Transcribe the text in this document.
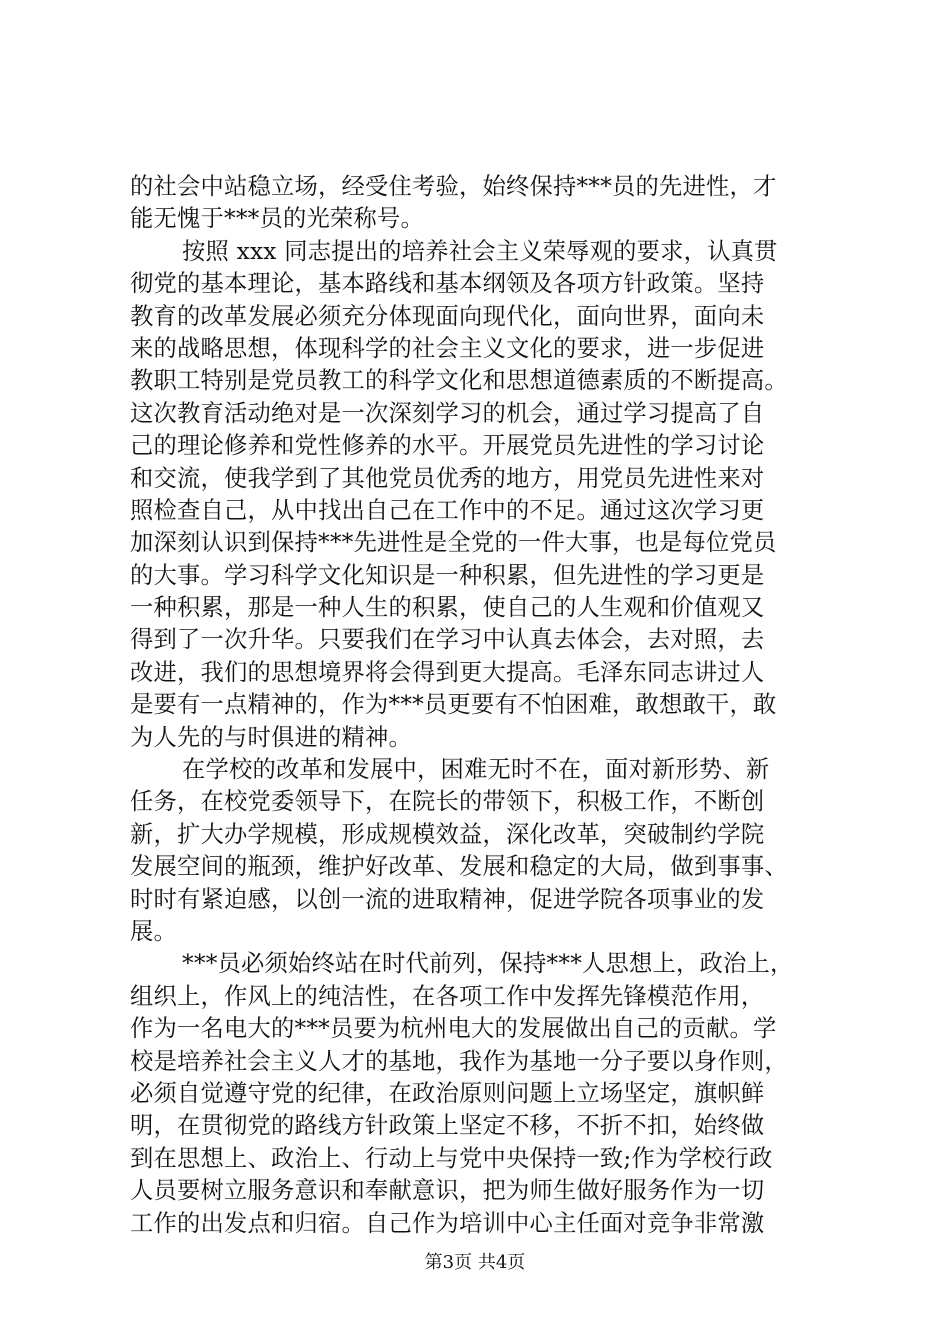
的社会中站稳立场，经受住考验，始终保持***员的先进性，才
能无愧于***员的光荣称号。
按照 xxx 同志提出的培养社会主义荣辱观的要求，认真贯
彻党的基本理论，基本路线和基本纲领及各项方针政策。坚持
教育的改革发展必须充分体现面向现代化，面向世界，面向未
来的战略思想，体现科学的社会主义文化的要求，进一步促进
教职工特别是党员教工的科学文化和思想道德素质的不断提高。
这次教育活动绝对是一次深刻学习的机会，通过学习提高了自
己的理论修养和党性修养的水平。开展党员先进性的学习讨论
和交流，使我学到了其他党员优秀的地方，用党员先进性来对
照检查自己，从中找出自己在工作中的不足。通过这次学习更
加深刻认识到保持***先进性是全党的一件大事，也是每位党员
的大事。学习科学文化知识是一种积累，但先进性的学习更是
一种积累，那是一种人生的积累，使自己的人生观和价值观又
得到了一次升华。只要我们在学习中认真去体会，去对照，去
改进，我们的思想境界将会得到更大提高。毛泽东同志讲过人
是要有一点精神的，作为***员更要有不怕困难，敢想敢干，敢
为人先的与时俱进的精神。
在学校的改革和发展中，困难无时不在，面对新形势、新
任务，在校党委领导下，在院长的带领下，积极工作，不断创
新，扩大办学规模，形成规模效益，深化改革，突破制约学院
发展空间的瓶颈，维护好改革、发展和稳定的大局，做到事事、
时时有紧迫感，以创一流的进取精神，促进学院各项事业的发
展。
***员必须始终站在时代前列，保持***人思想上，政治上，
组织上，作风上的纯洁性，在各项工作中发挥先锋模范作用，
作为一名电大的***员要为杭州电大的发展做出自己的贡献。学
校是培养社会主义人才的基地，我作为基地一分子要以身作则，
必须自觉遵守党的纪律，在政治原则问题上立场坚定，旗帜鲜
明，在贯彻党的路线方针政策上坚定不移，不折不扣，始终做
到在思想上、政治上、行动上与党中央保持一致;作为学校行政
人员要树立服务意识和奉献意识，把为师生做好服务作为一切
工作的出发点和归宿。自己作为培训中心主任面对竞争非常激
第3页 共4页
